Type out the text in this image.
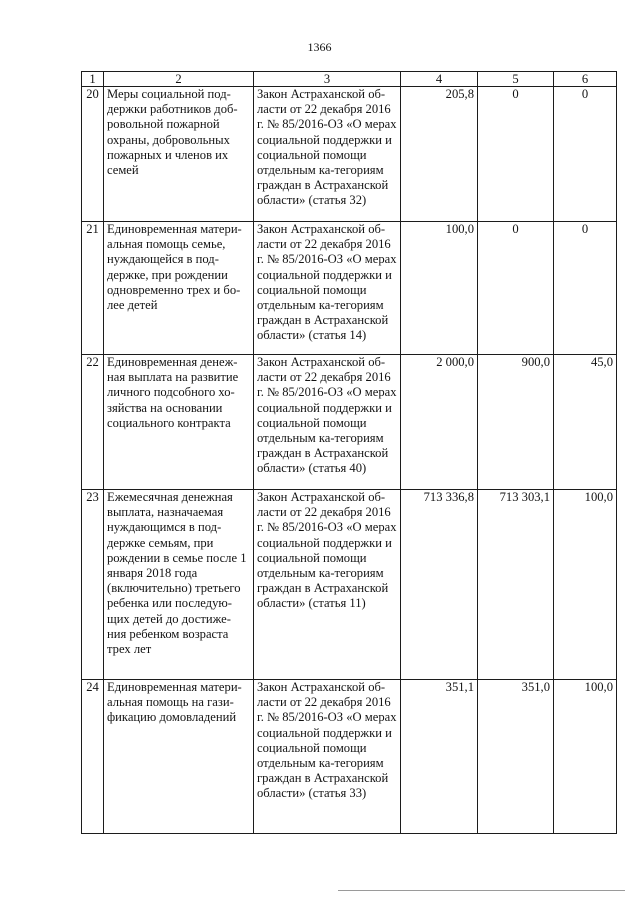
1366
1	2	3	4	5	6
20	Меры социальной под-держки работников доб-ровольной пожарной охраны, добровольных пожарных и членов их семей	Закон Астраханской об-ласти от 22 декабря 2016 г. № 85/2016-ОЗ «О мерах социальной поддержки и социальной помощи отдельным ка-тегориям граждан в Астраханской области» (статья 32)	205,8	0	0
21	Единовременная матери-альная помощь семье, нуждающейся в под-держке, при рождении одновременно трех и бо-лее детей	Закон Астраханской об-ласти от 22 декабря 2016 г. № 85/2016-ОЗ «О мерах социальной поддержки и социальной помощи отдельным ка-тегориям граждан в Астраханской области» (статья 14)	100,0	0	0
22	Единовременная денеж-ная выплата на развитие личного подсобного хо-зяйства на основании социального контракта	Закон Астраханской об-ласти от 22 декабря 2016 г. № 85/2016-ОЗ «О мерах социальной поддержки и социальной помощи отдельным ка-тегориям граждан в Астраханской области» (статья 40)	2 000,0	900,0	45,0
23	Ежемесячная денежная выплата, назначаемая нуждающимся в под-держке семьям, при рождении в семье после 1 января 2018 года (включительно) третьего ребенка или последую-щих детей до достиже-ния ребенком возраста трех лет	Закон Астраханской об-ласти от 22 декабря 2016 г. № 85/2016-ОЗ «О мерах социальной поддержки и социальной помощи отдельным ка-тегориям граждан в Астраханской области» (статья 11)	713 336,8	713 303,1	100,0
24	Единовременная матери-альная помощь на гази-фикацию домовладений	Закон Астраханской об-ласти от 22 декабря 2016 г. № 85/2016-ОЗ «О мерах социальной поддержки и социальной помощи отдельным ка-тегориям граждан в Астраханской области» (статья 33)	351,1	351,0	100,0
